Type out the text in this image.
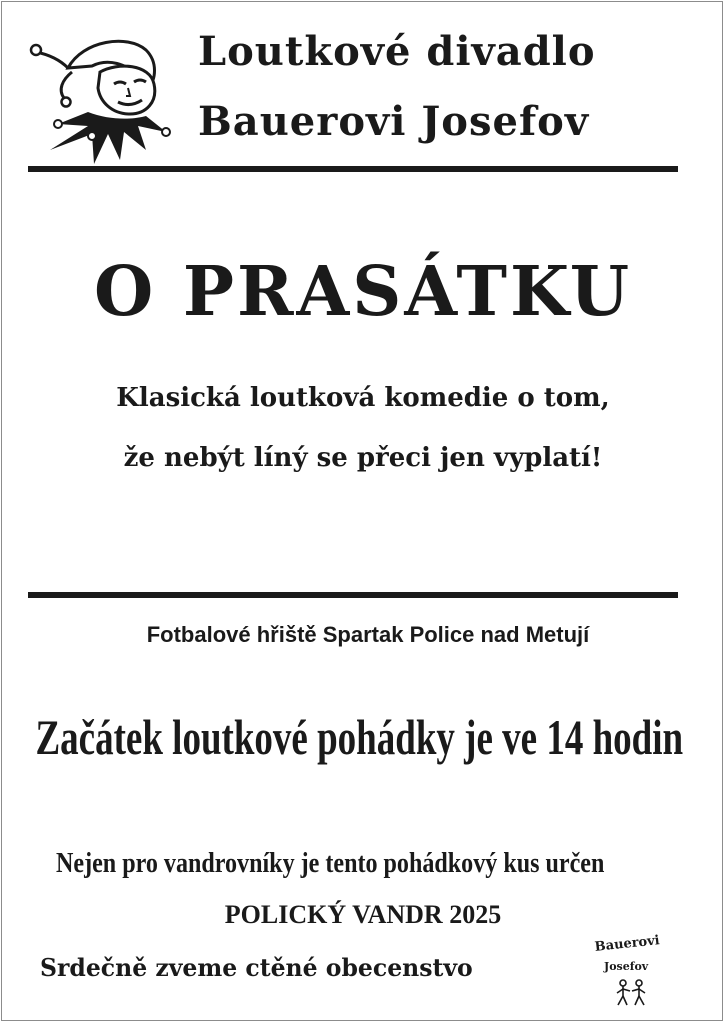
Loutkové divadlo
Bauerovi Josefov
O PRASÁTKU
Klasická loutková komedie o tom,
že nebýt líný se přeci jen vyplatí!
Fotbalové hřiště Spartak Police nad Metují
Začátek loutkové pohádky je ve 14 hodin
Nejen pro vandrovníky je tento pohádkový kus určen
POLICKÝ VANDR 2025
Srdečně zveme ctěné obecenstvo
Bauerovi
Josefov
